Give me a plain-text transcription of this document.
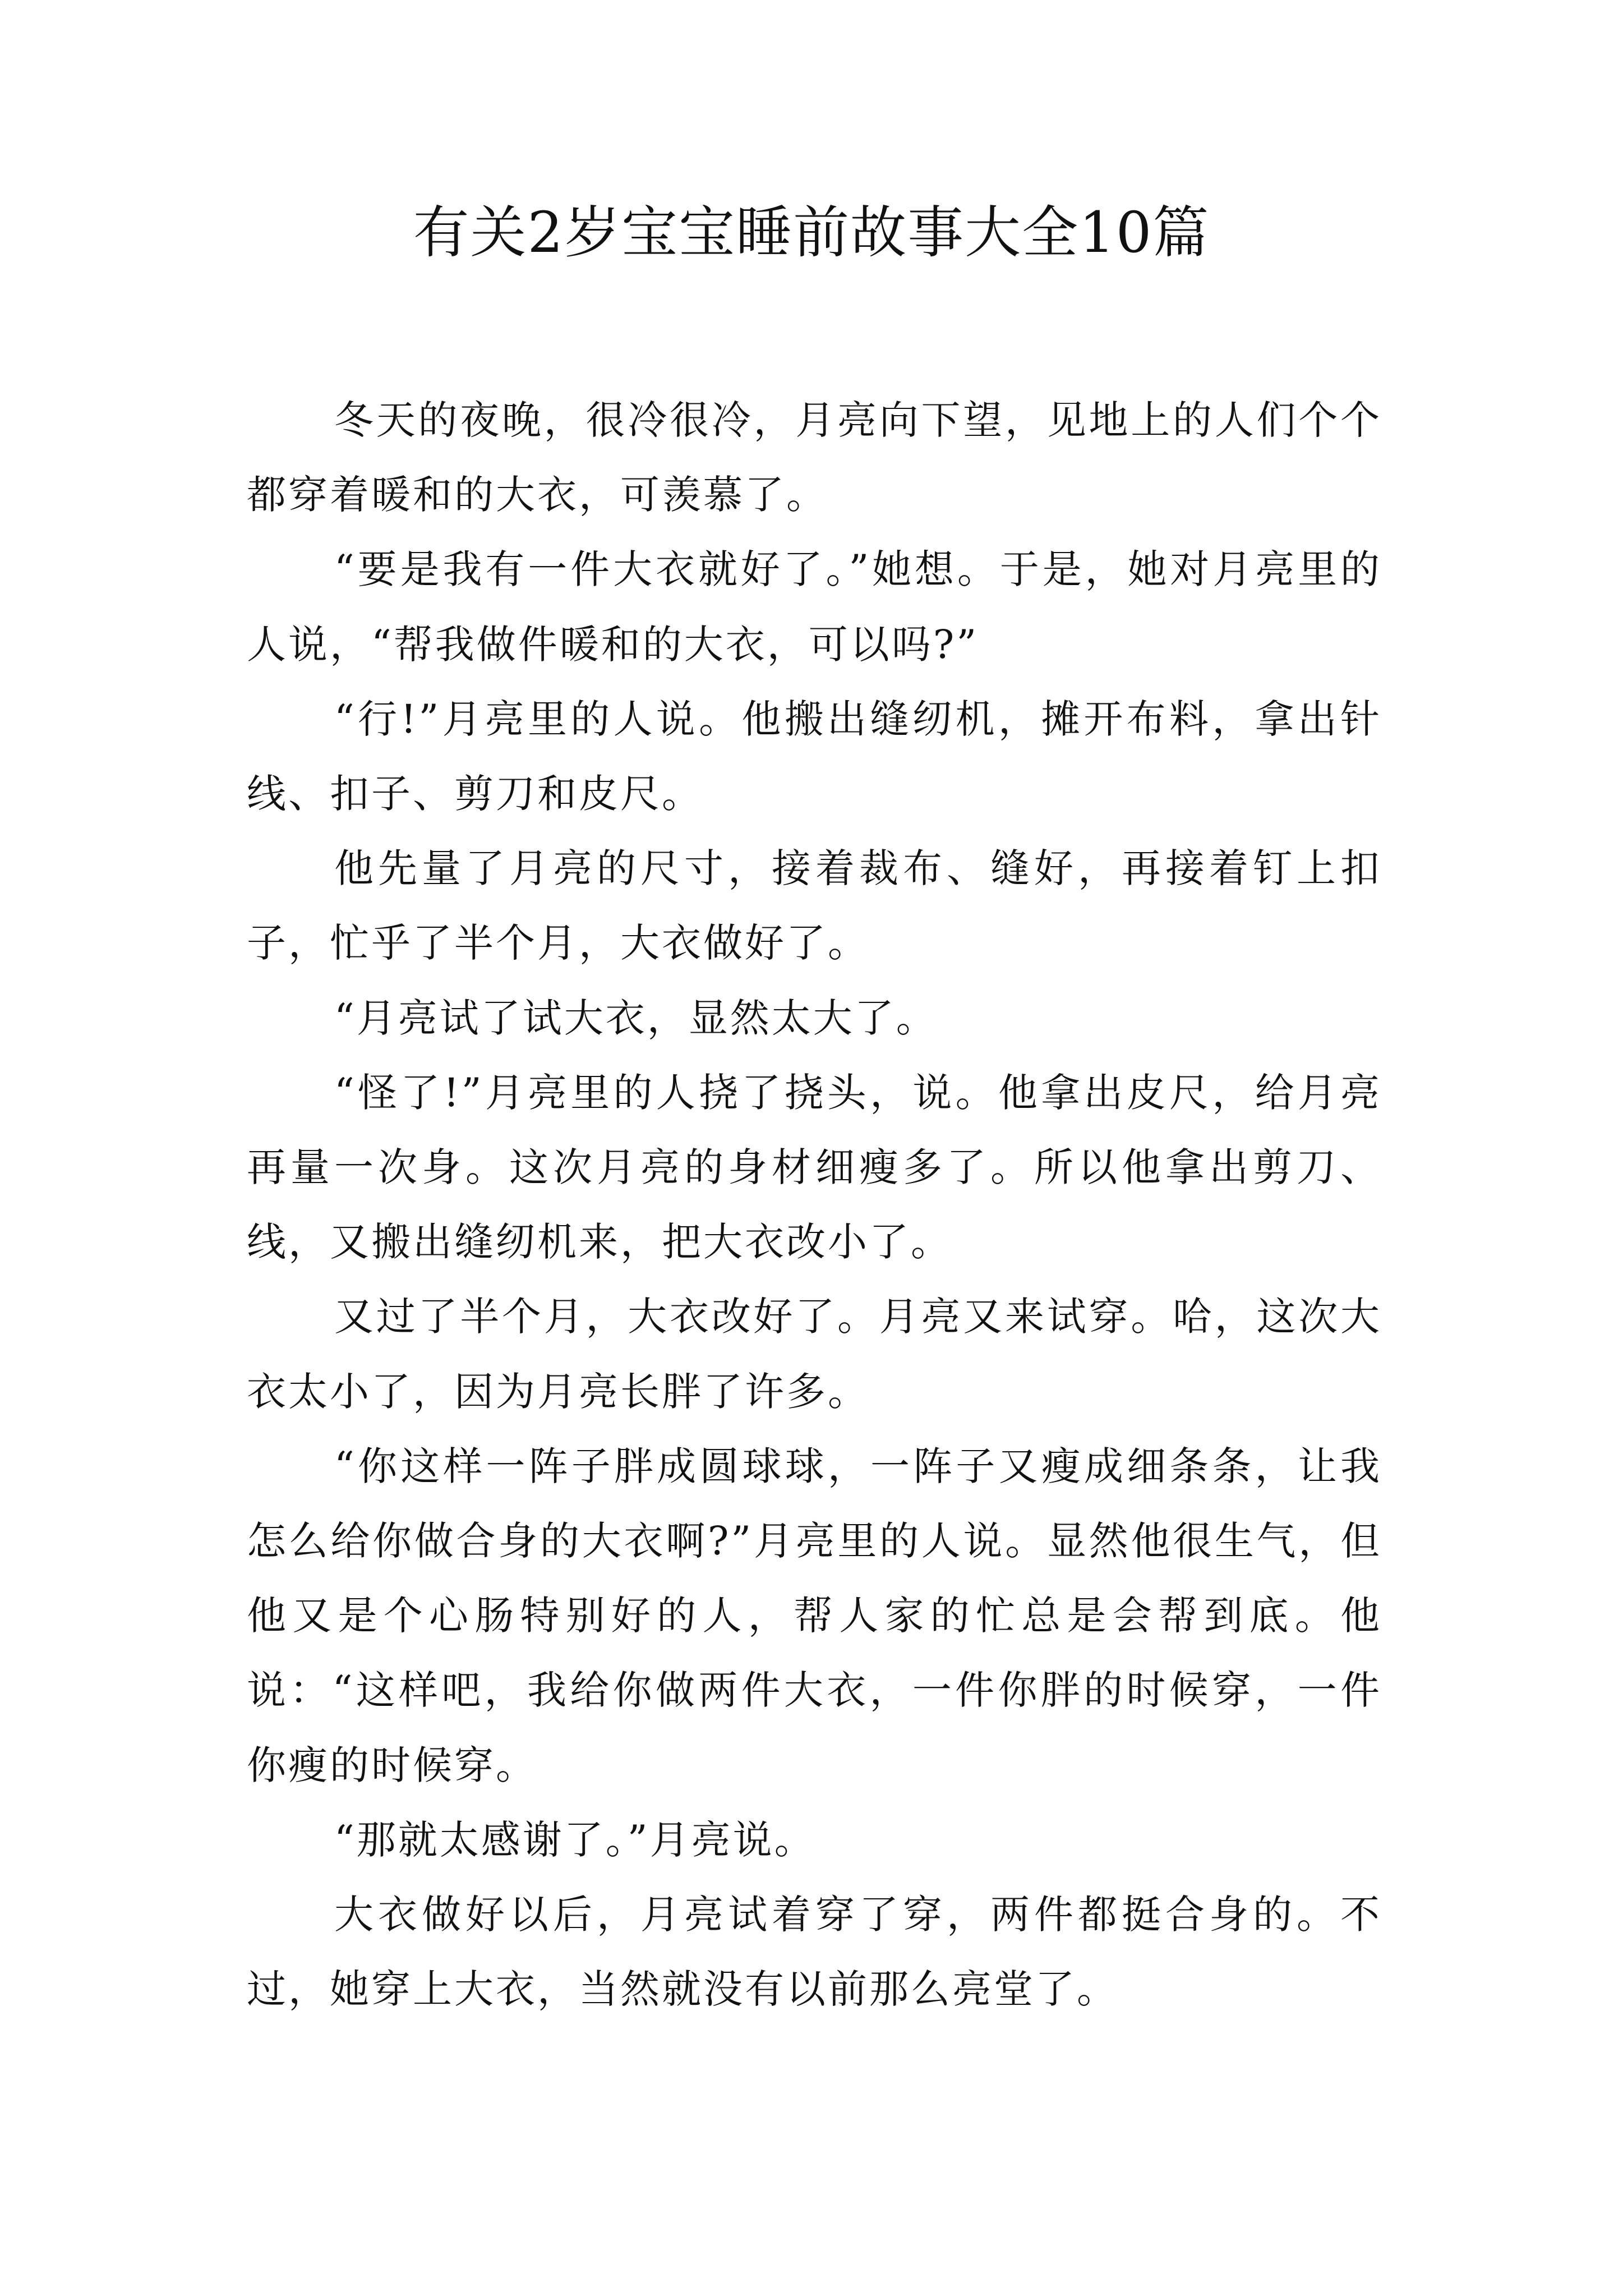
有关2岁宝宝睡前故事大全10篇

冬天的夜晚，很冷很冷，月亮向下望，见地上的人们个个都穿着暖和的大衣，可羡慕了。

“要是我有一件大衣就好了。”她想。于是，她对月亮里的人说，“帮我做件暖和的大衣，可以吗?”

“行!”月亮里的人说。他搬出缝纫机，摊开布料，拿出针线、扣子、剪刀和皮尺。

他先量了月亮的尺寸，接着裁布、缝好，再接着钉上扣子，忙乎了半个月，大衣做好了。

“月亮试了试大衣，显然太大了。

“怪了!”月亮里的人挠了挠头，说。他拿出皮尺，给月亮再量一次身。这次月亮的身材细瘦多了。所以他拿出剪刀、线，又搬出缝纫机来，把大衣改小了。

又过了半个月，大衣改好了。月亮又来试穿。哈，这次大衣太小了，因为月亮长胖了许多。

“你这样一阵子胖成圆球球，一阵子又瘦成细条条，让我怎么给你做合身的大衣啊?”月亮里的人说。显然他很生气，但他又是个心肠特别好的人，帮人家的忙总是会帮到底。他说：“这样吧，我给你做两件大衣，一件你胖的时候穿，一件你瘦的时候穿。

“那就太感谢了。”月亮说。

大衣做好以后，月亮试着穿了穿，两件都挺合身的。不过，她穿上大衣，当然就没有以前那么亮堂了。
